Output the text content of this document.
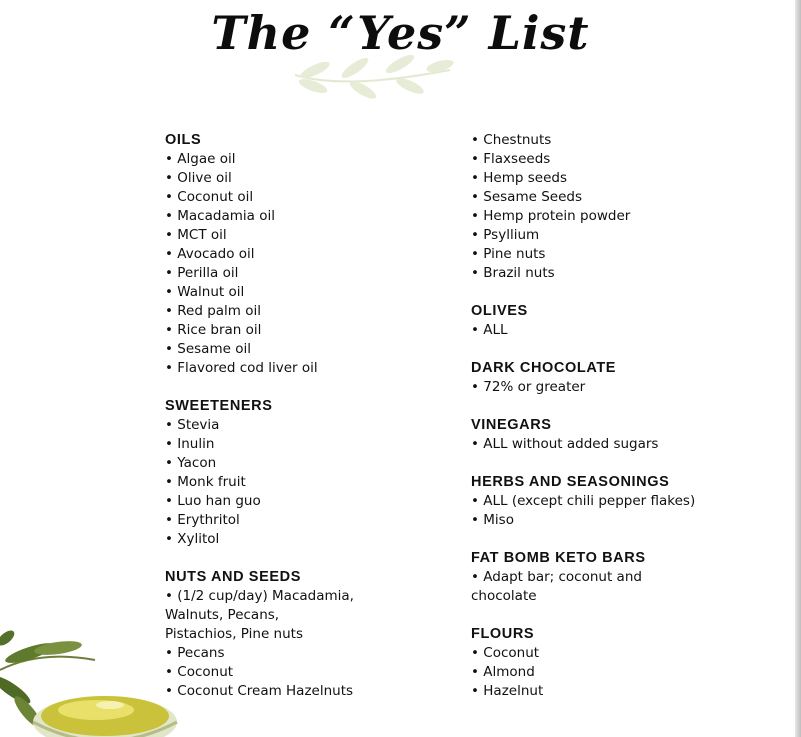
The “Yes” List
OILS
• Algae oil
• Olive oil
• Coconut oil
• Macadamia oil
• MCT oil
• Avocado oil
• Perilla oil
• Walnut oil
• Red palm oil
• Rice bran oil
• Sesame oil
• Flavored cod liver oil
SWEETENERS
• Stevia
• Inulin
• Yacon
• Monk fruit
• Luo han guo
• Erythritol
• Xylitol
NUTS AND SEEDS
• (1/2 cup/day) Macadamia,
Walnuts, Pecans,
Pistachios, Pine nuts
• Pecans
• Coconut
• Coconut Cream Hazelnuts
• Chestnuts
• Flaxseeds
• Hemp seeds
• Sesame Seeds
• Hemp protein powder
• Psyllium
• Pine nuts
• Brazil nuts
OLIVES
• ALL
DARK CHOCOLATE
• 72% or greater
VINEGARS
• ALL without added sugars
HERBS AND SEASONINGS
• ALL (except chili pepper flakes)
• Miso
FAT BOMB KETO BARS
• Adapt bar; coconut and
chocolate
FLOURS
• Coconut
• Almond
• Hazelnut
